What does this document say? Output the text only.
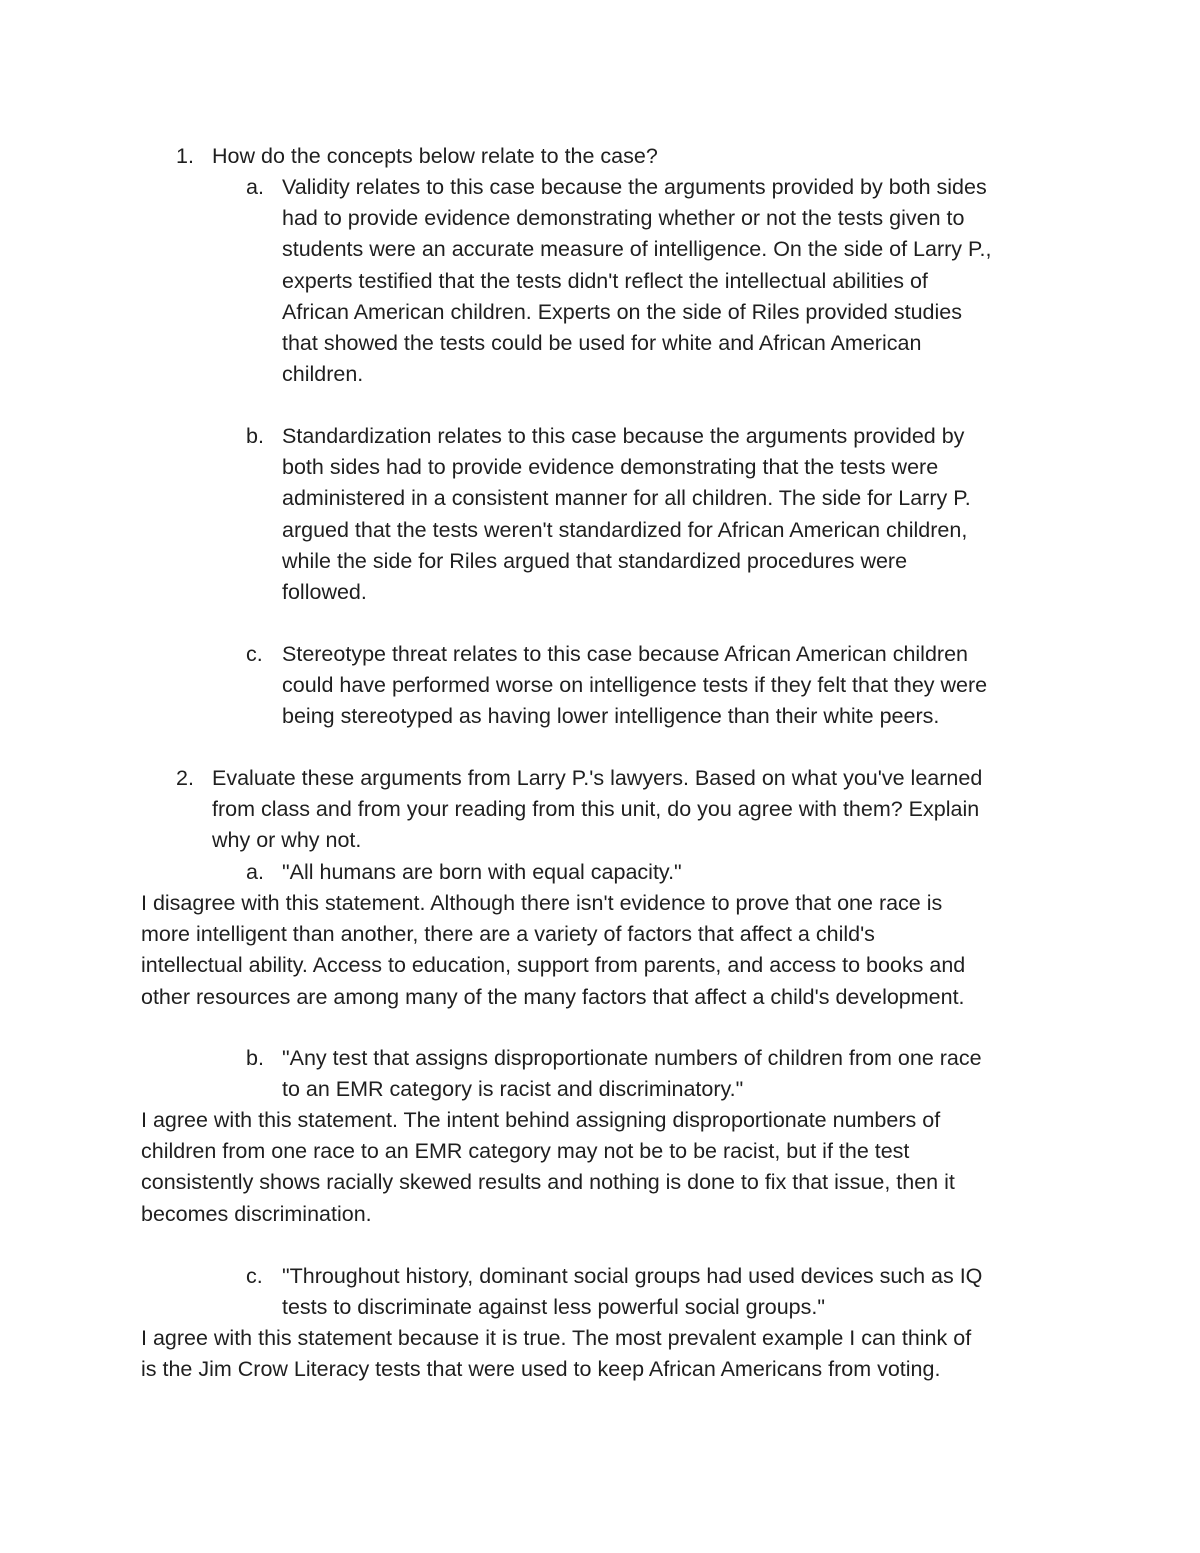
1. How do the concepts below relate to the case?
a. Validity relates to this case because the arguments provided by both sides
had to provide evidence demonstrating whether or not the tests given to
students were an accurate measure of intelligence. On the side of Larry P.,
experts testified that the tests didn't reflect the intellectual abilities of
African American children. Experts on the side of Riles provided studies
that showed the tests could be used for white and African American
children.
b. Standardization relates to this case because the arguments provided by
both sides had to provide evidence demonstrating that the tests were
administered in a consistent manner for all children. The side for Larry P.
argued that the tests weren't standardized for African American children,
while the side for Riles argued that standardized procedures were
followed.
c. Stereotype threat relates to this case because African American children
could have performed worse on intelligence tests if they felt that they were
being stereotyped as having lower intelligence than their white peers.
2. Evaluate these arguments from Larry P.'s lawyers. Based on what you've learned
from class and from your reading from this unit, do you agree with them? Explain
why or why not.
a. "All humans are born with equal capacity."
I disagree with this statement. Although there isn't evidence to prove that one race is
more intelligent than another, there are a variety of factors that affect a child's
intellectual ability. Access to education, support from parents, and access to books and
other resources are among many of the many factors that affect a child's development.
b. "Any test that assigns disproportionate numbers of children from one race
to an EMR category is racist and discriminatory."
I agree with this statement. The intent behind assigning disproportionate numbers of
children from one race to an EMR category may not be to be racist, but if the test
consistently shows racially skewed results and nothing is done to fix that issue, then it
becomes discrimination.
c. "Throughout history, dominant social groups had used devices such as IQ
tests to discriminate against less powerful social groups."
I agree with this statement because it is true. The most prevalent example I can think of
is the Jim Crow Literacy tests that were used to keep African Americans from voting.
